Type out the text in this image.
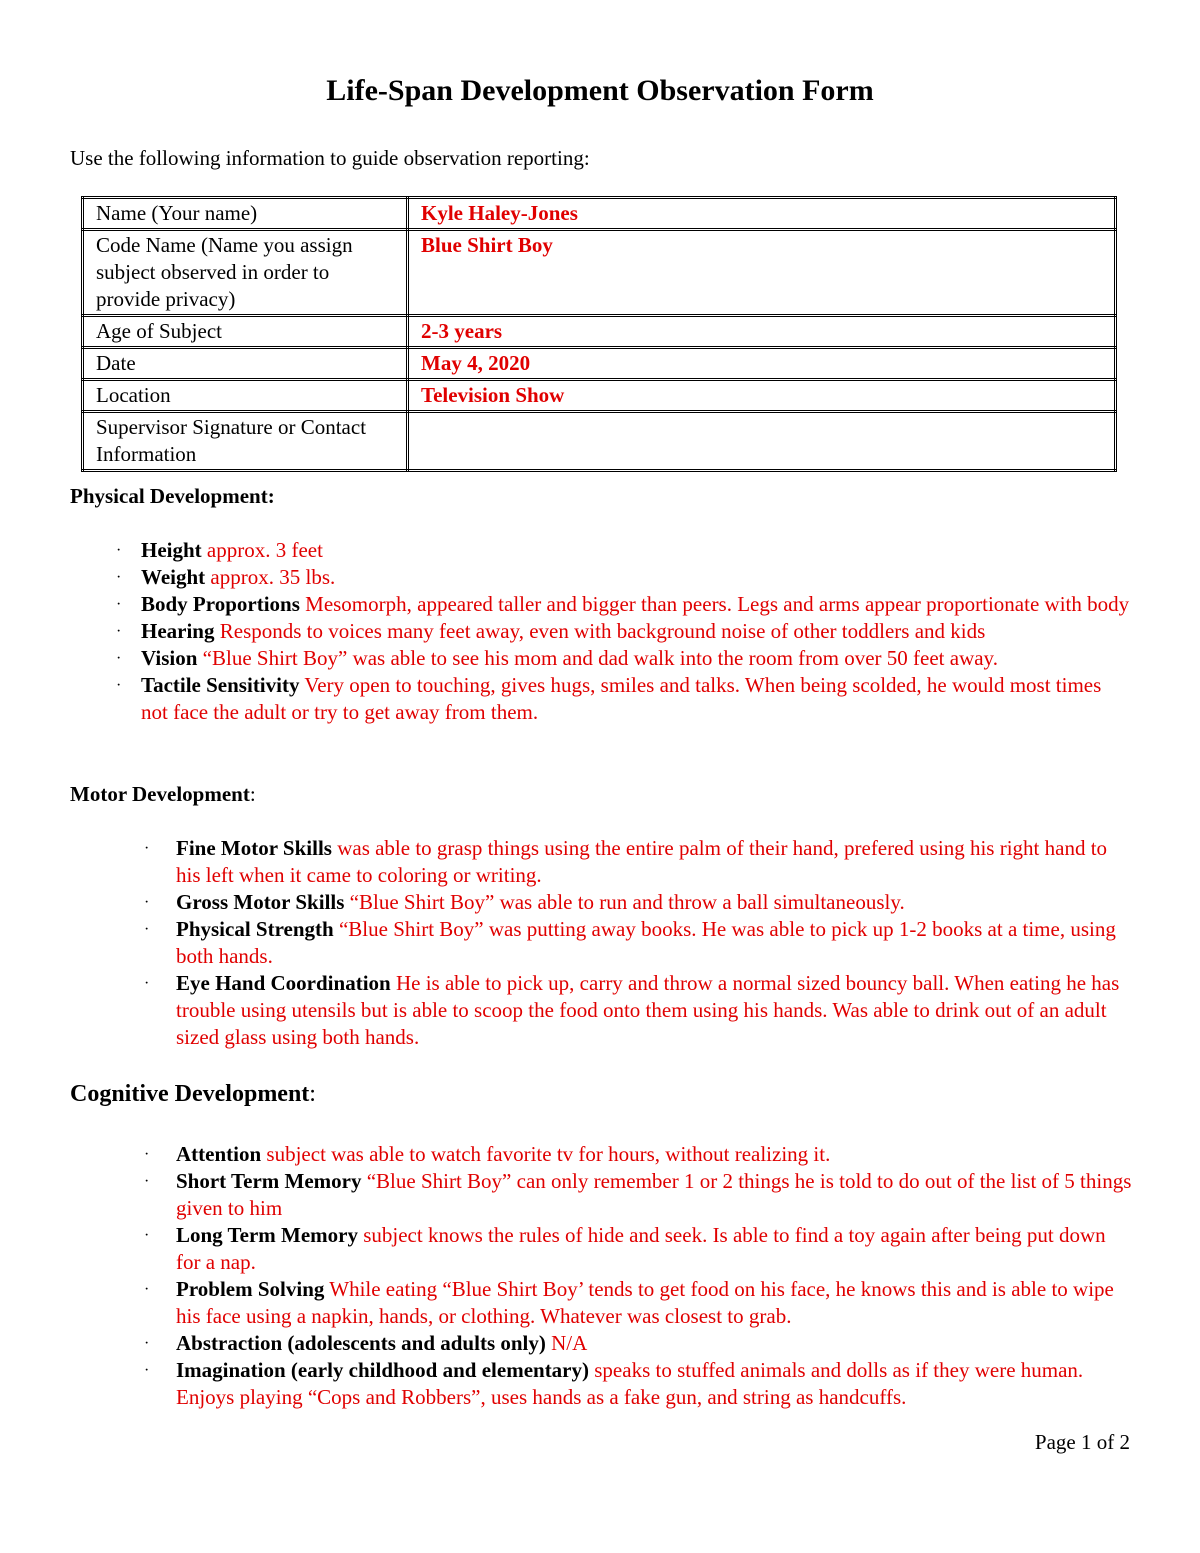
Life-Span Development Observation Form

Use the following information to guide observation reporting:

Name (Your name)	Kyle Haley-Jones
Code Name (Name you assign subject observed in order to provide privacy)	Blue Shirt Boy
Age of Subject	2-3 years
Date	May 4, 2020
Location	Television Show
Supervisor Signature or Contact Information	

Physical Development:

· Height approx. 3 feet
· Weight approx. 35 lbs.
· Body Proportions Mesomorph, appeared taller and bigger than peers. Legs and arms appear proportionate with body
· Hearing Responds to voices many feet away, even with background noise of other toddlers and kids
· Vision “Blue Shirt Boy” was able to see his mom and dad walk into the room from over 50 feet away.
· Tactile Sensitivity Very open to touching, gives hugs, smiles and talks. When being scolded, he would most times not face the adult or try to get away from them.

Motor Development:

· Fine Motor Skills was able to grasp things using the entire palm of their hand, prefered using his right hand to his left when it came to coloring or writing.
· Gross Motor Skills “Blue Shirt Boy” was able to run and throw a ball simultaneously.
· Physical Strength “Blue Shirt Boy” was putting away books. He was able to pick up 1-2 books at a time, using both hands.
· Eye Hand Coordination He is able to pick up, carry and throw a normal sized bouncy ball. When eating he has trouble using utensils but is able to scoop the food onto them using his hands. Was able to drink out of an adult sized glass using both hands.

Cognitive Development:

· Attention subject was able to watch favorite tv for hours, without realizing it.
· Short Term Memory “Blue Shirt Boy” can only remember 1 or 2 things he is told to do out of the list of 5 things given to him
· Long Term Memory subject knows the rules of hide and seek. Is able to find a toy again after being put down for a nap.
· Problem Solving While eating “Blue Shirt Boy’ tends to get food on his face, he knows this and is able to wipe his face using a napkin, hands, or clothing. Whatever was closest to grab.
· Abstraction (adolescents and adults only) N/A
· Imagination (early childhood and elementary) speaks to stuffed animals and dolls as if they were human. Enjoys playing “Cops and Robbers”, uses hands as a fake gun, and string as handcuffs.
Page 1 of 2
